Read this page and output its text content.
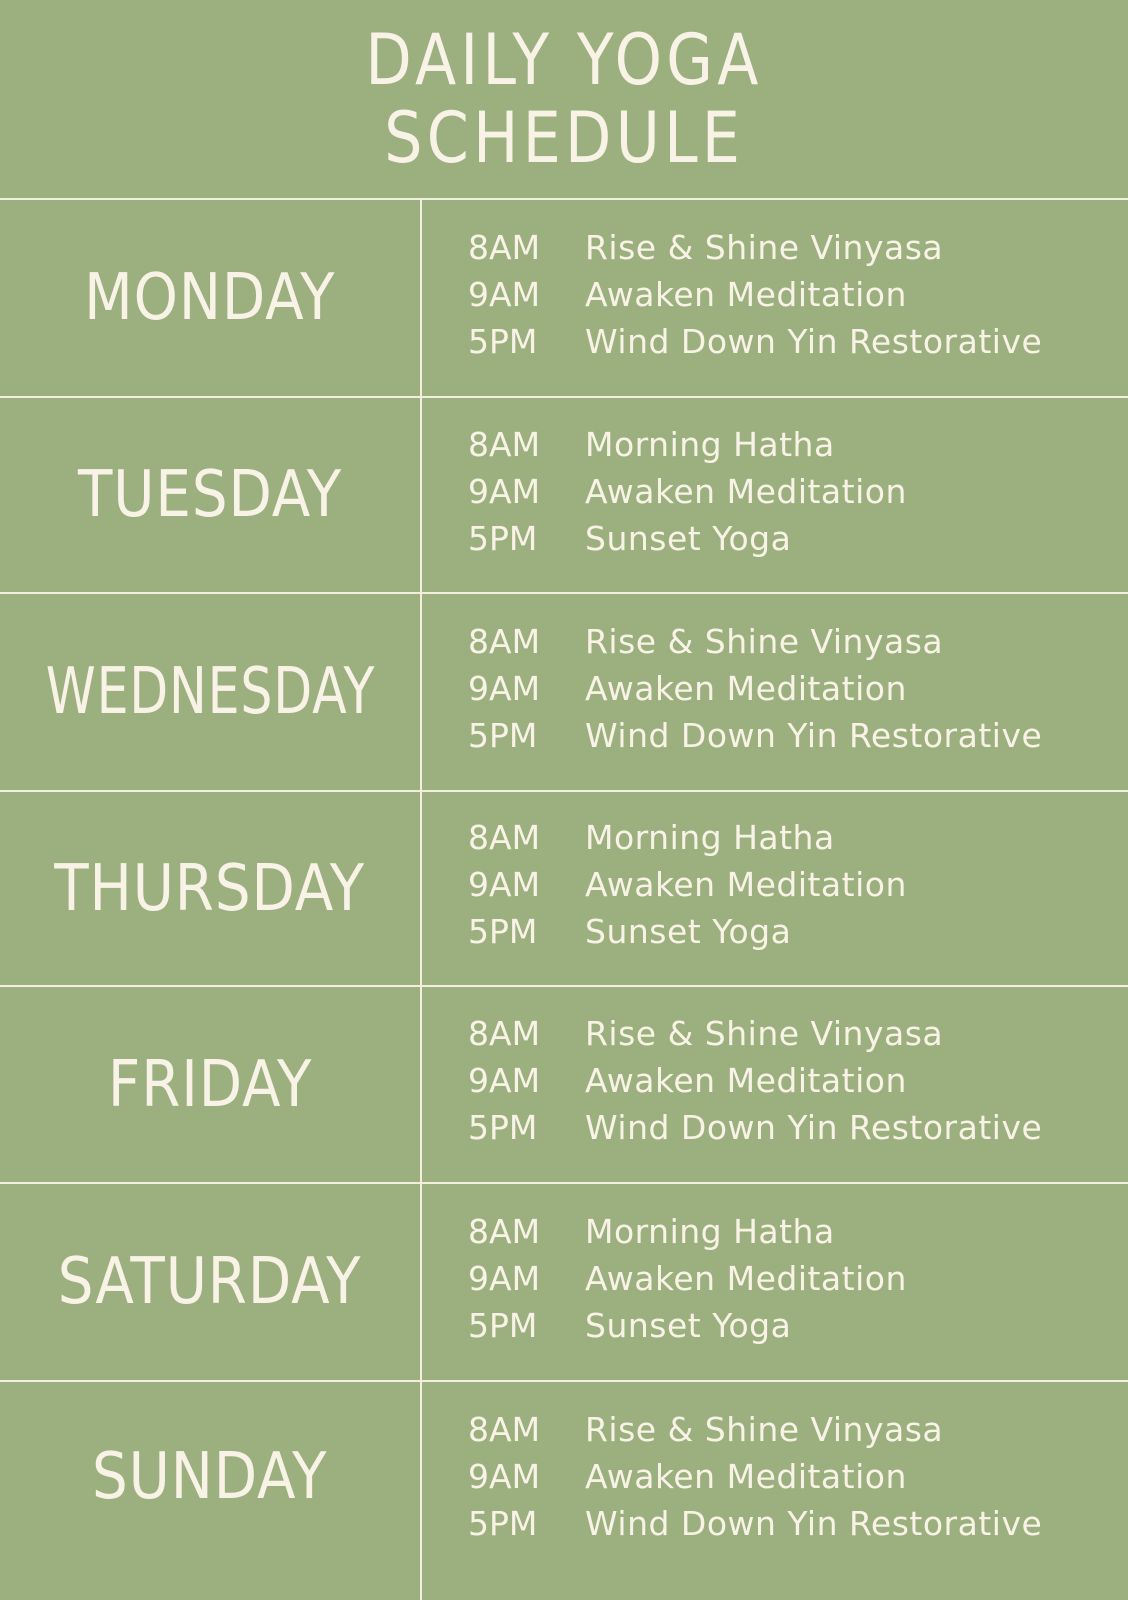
DAILY YOGA
SCHEDULE
MONDAY
8AM	Rise & Shine Vinyasa
9AM	Awaken Meditation
5PM	Wind Down Yin Restorative
TUESDAY
8AM	Morning Hatha
9AM	Awaken Meditation
5PM	Sunset Yoga
WEDNESDAY
8AM	Rise & Shine Vinyasa
9AM	Awaken Meditation
5PM	Wind Down Yin Restorative
THURSDAY
8AM	Morning Hatha
9AM	Awaken Meditation
5PM	Sunset Yoga
FRIDAY
8AM	Rise & Shine Vinyasa
9AM	Awaken Meditation
5PM	Wind Down Yin Restorative
SATURDAY
8AM	Morning Hatha
9AM	Awaken Meditation
5PM	Sunset Yoga
SUNDAY
8AM	Rise & Shine Vinyasa
9AM	Awaken Meditation
5PM	Wind Down Yin Restorative
